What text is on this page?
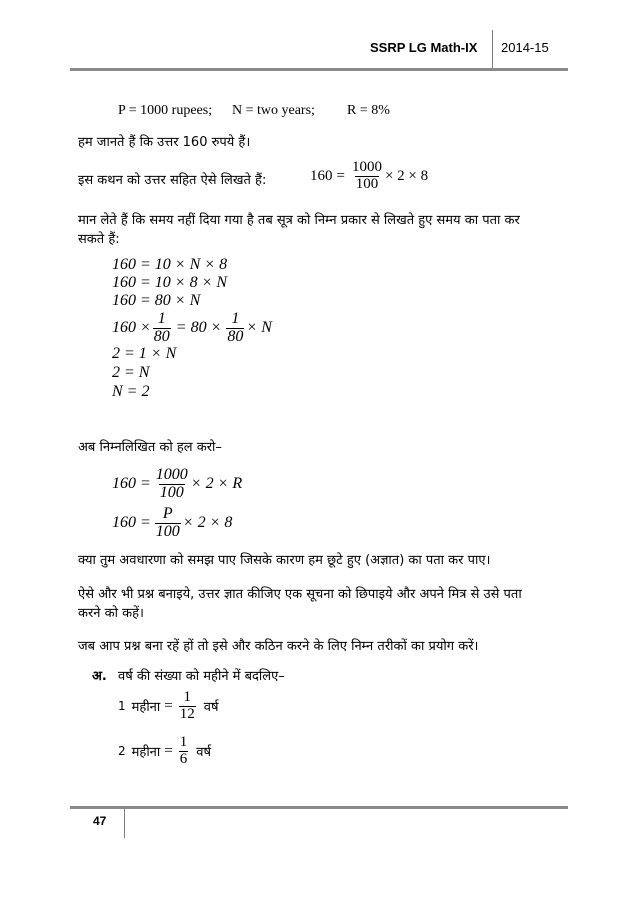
SSRP LG Math-IX 2014-15
P = 1000 rupees; N = two years; R = 8%
हम जानते हैं कि उत्तर 160 रुपये हैं।
इस कथन को उत्तर सहित ऐसे लिखते हैं:	$160 = \frac{1000}{100} \times 2 \times 8$
मान लेते हैं कि समय नहीं दिया गया है तब सूत्र को निम्न प्रकार से लिखते हुए समय का पता कर
सकते हैं:
160 = 10 × N × 8
160 = 10 × 8 × N
160 = 80 × N
$160 \times \frac{1}{80} = 80 \times \frac{1}{80} \times N$
2 = 1 × N
2 = N
N = 2
अब निम्नलिखित को हल करो–
$160 = \frac{1000}{100} \times 2 \times R$
$160 = \frac{P}{100} \times 2 \times 8$
क्या तुम अवधारणा को समझ पाए जिसके कारण हम छूटे हुए (अज्ञात) का पता कर पाए।
ऐसे और भी प्रश्न बनाइये, उत्तर ज्ञात कीजिए एक सूचना को छिपाइये और अपने मित्र से उसे पता
करने को कहें।
जब आप प्रश्न बना रहें हों तो इसे और कठिन करने के लिए निम्न तरीकों का प्रयोग करें।
अ. वर्ष की संख्या को महीने में बदलिए–
1 महीना = $\frac{1}{12}$ वर्ष
2 महीना = $\frac{1}{6}$ वर्ष
47
